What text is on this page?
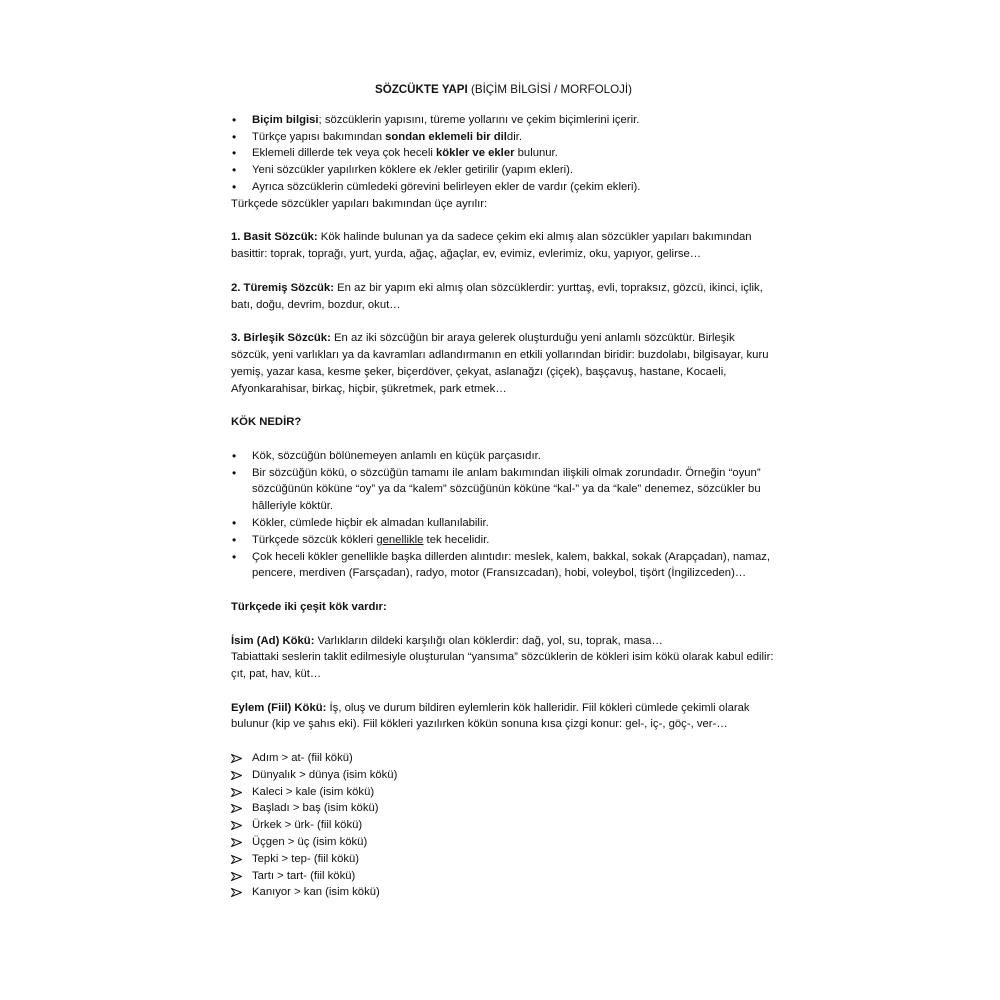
SÖZCÜKTE YAPI (BİÇİM BİLGİSİ / MORFOLOJİ)
• Biçim bilgisi; sözcüklerin yapısını, türeme yollarını ve çekim biçimlerini içerir.
• Türkçe yapısı bakımından sondan eklemeli bir dildir.
• Eklemeli dillerde tek veya çok heceli kökler ve ekler bulunur.
• Yeni sözcükler yapılırken köklere ek /ekler getirilir (yapım ekleri).
• Ayrıca sözcüklerin cümledeki görevini belirleyen ekler de vardır (çekim ekleri).

Türkçede sözcükler yapıları bakımından üçe ayrılır:

1. Basit Sözcük: Kök halinde bulunan ya da sadece çekim eki almış alan sözcükler yapıları bakımından basittir: toprak, toprağı, yurt, yurda, ağaç, ağaçlar, ev, evimiz, evlerimiz, oku, yapıyor, gelirse…

2. Türemiş Sözcük: En az bir yapım eki almış olan sözcüklerdir: yurttaş, evli, topraksız, gözcü, ikinci, içlik, batı, doğu, devrim, bozdur, okut…

3. Birleşik Sözcük: En az iki sözcüğün bir araya gelerek oluşturduğu yeni anlamlı sözcüktür. Birleşik sözcük, yeni varlıkları ya da kavramları adlandırmanın en etkili yollarından biridir: buzdolabı, bilgisayar, kuru yemiş, yazar kasa, kesme şeker, biçerdöver, çekyat, aslanağzı (çiçek), başçavuş, hastane, Kocaeli, Afyonkarahisar, birkaç, hiçbir, şükretmek, park etmek…

KÖK NEDİR?

• Kök, sözcüğün bölünemeyen anlamlı en küçük parçasıdır.
• Bir sözcüğün kökü, o sözcüğün tamamı ile anlam bakımından ilişkili olmak zorundadır. Örneğin “oyun” sözcüğünün köküne “oy” ya da “kalem” sözcüğünün köküne “kal-” ya da “kale” denemez, sözcükler bu hâlleriyle köktür.
• Kökler, cümlede hiçbir ek almadan kullanılabilir.
• Türkçede sözcük kökleri genellikle tek hecelidir.
• Çok heceli kökler genellikle başka dillerden alıntıdır: meslek, kalem, bakkal, sokak (Arapçadan), namaz, pencere, merdiven (Farsçadan), radyo, motor (Fransızcadan), hobi, voleybol, tişört (İngilizceden)…

Türkçede iki çeşit kök vardır:

İsim (Ad) Kökü: Varlıkların dildeki karşılığı olan köklerdir: dağ, yol, su, toprak, masa…

Tabiattaki seslerin taklit edilmesiyle oluşturulan “yansıma” sözcüklerin de kökleri isim kökü olarak kabul edilir: çıt, pat, hav, küt…

Eylem (Fiil) Kökü: İş, oluş ve durum bildiren eylemlerin kök halleridir. Fiil kökleri cümlede çekimli olarak bulunur (kip ve şahıs eki). Fiil kökleri yazılırken kökün sonuna kısa çizgi konur: gel-, iç-, göç-, ver-…

Adım > at- (fiil kökü)
Dünyalık > dünya (isim kökü)
Kaleci > kale (isim kökü)
Başladı > baş (isim kökü)
Ürkek > ürk- (fiil kökü)
Üçgen > üç (isim kökü)
Tepki > tep- (fiil kökü)
Tartı > tart- (fiil kökü)
Kanıyor > kan (isim kökü)
